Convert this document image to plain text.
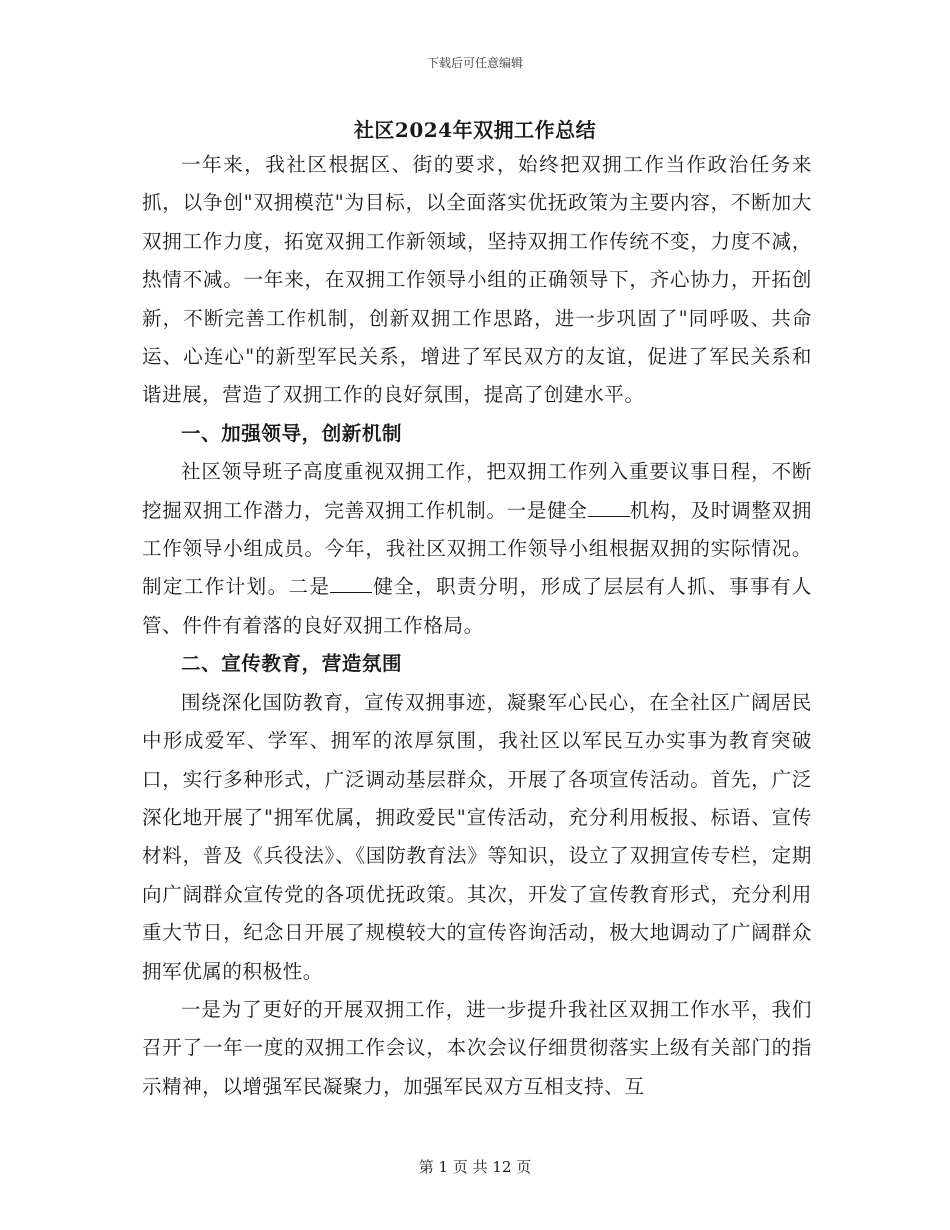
下载后可任意编辑
社区2024年双拥工作总结

一年来，我社区根据区、街的要求，始终把双拥工作当作政治任务来抓，以争创"双拥模范"为目标，以全面落实优抚政策为主要内容，不断加大双拥工作力度，拓宽双拥工作新领域，坚持双拥工作传统不变，力度不减，热情不减。一年来，在双拥工作领导小组的正确领导下，齐心协力，开拓创新，不断完善工作机制，创新双拥工作思路，进一步巩固了"同呼吸、共命运、心连心"的新型军民关系，增进了军民双方的友谊，促进了军民关系和谐进展，营造了双拥工作的良好氛围，提高了创建水平。

一、加强领导，创新机制

社区领导班子高度重视双拥工作，把双拥工作列入重要议事日程，不断挖掘双拥工作潜力，完善双拥工作机制。一是健全 机构，及时调整双拥工作领导小组成员。今年，我社区双拥工作领导小组根据双拥的实际情况。制定工作计划。二是 健全，职责分明，形成了层层有人抓、事事有人管、件件有着落的良好双拥工作格局。

二、宣传教育，营造氛围

围绕深化国防教育，宣传双拥事迹，凝聚军心民心，在全社区广阔居民中形成爱军、学军、拥军的浓厚氛围，我社区以军民互办实事为教育突破口，实行多种形式，广泛调动基层群众，开展了各项宣传活动。首先，广泛深化地开展了"拥军优属，拥政爱民"宣传活动，充分利用板报、标语、宣传材料，普及《兵役法》、《国防教育法》等知识，设立了双拥宣传专栏，定期向广阔群众宣传党的各项优抚政策。其次，开发了宣传教育形式，充分利用重大节日，纪念日开展了规模较大的宣传咨询活动，极大地调动了广阔群众拥军优属的积极性。

一是为了更好的开展双拥工作，进一步提升我社区双拥工作水平，我们召开了一年一度的双拥工作会议，本次会议仔细贯彻落实上级有关部门的指示精神，以增强军民凝聚力，加强军民双方互相支持、互

第 1 页 共 12 页
